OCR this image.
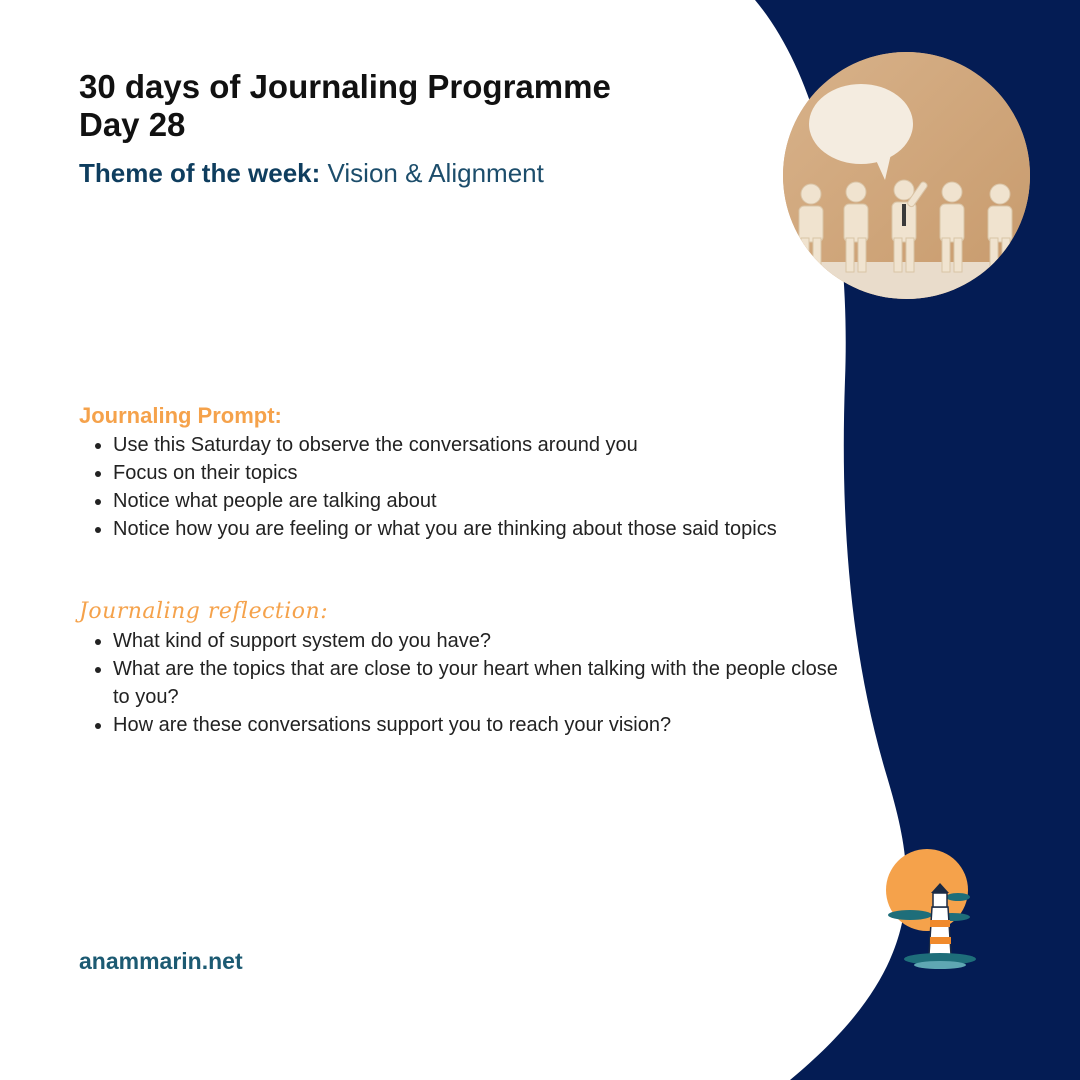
30 days of Journaling Programme
Day 28
Theme of the week: Vision & Alignment
Journaling Prompt:
• Use this Saturday to observe the conversations around you
• Focus on their topics
• Notice what people are talking about
• Notice how you are feeling or what you are thinking about those said topics
Journaling reflection:
• What kind of support system do you have?
• What are the topics that are close to your heart when talking with the people close to you?
• How are these conversations support you to reach your vision?
anammarin.net
